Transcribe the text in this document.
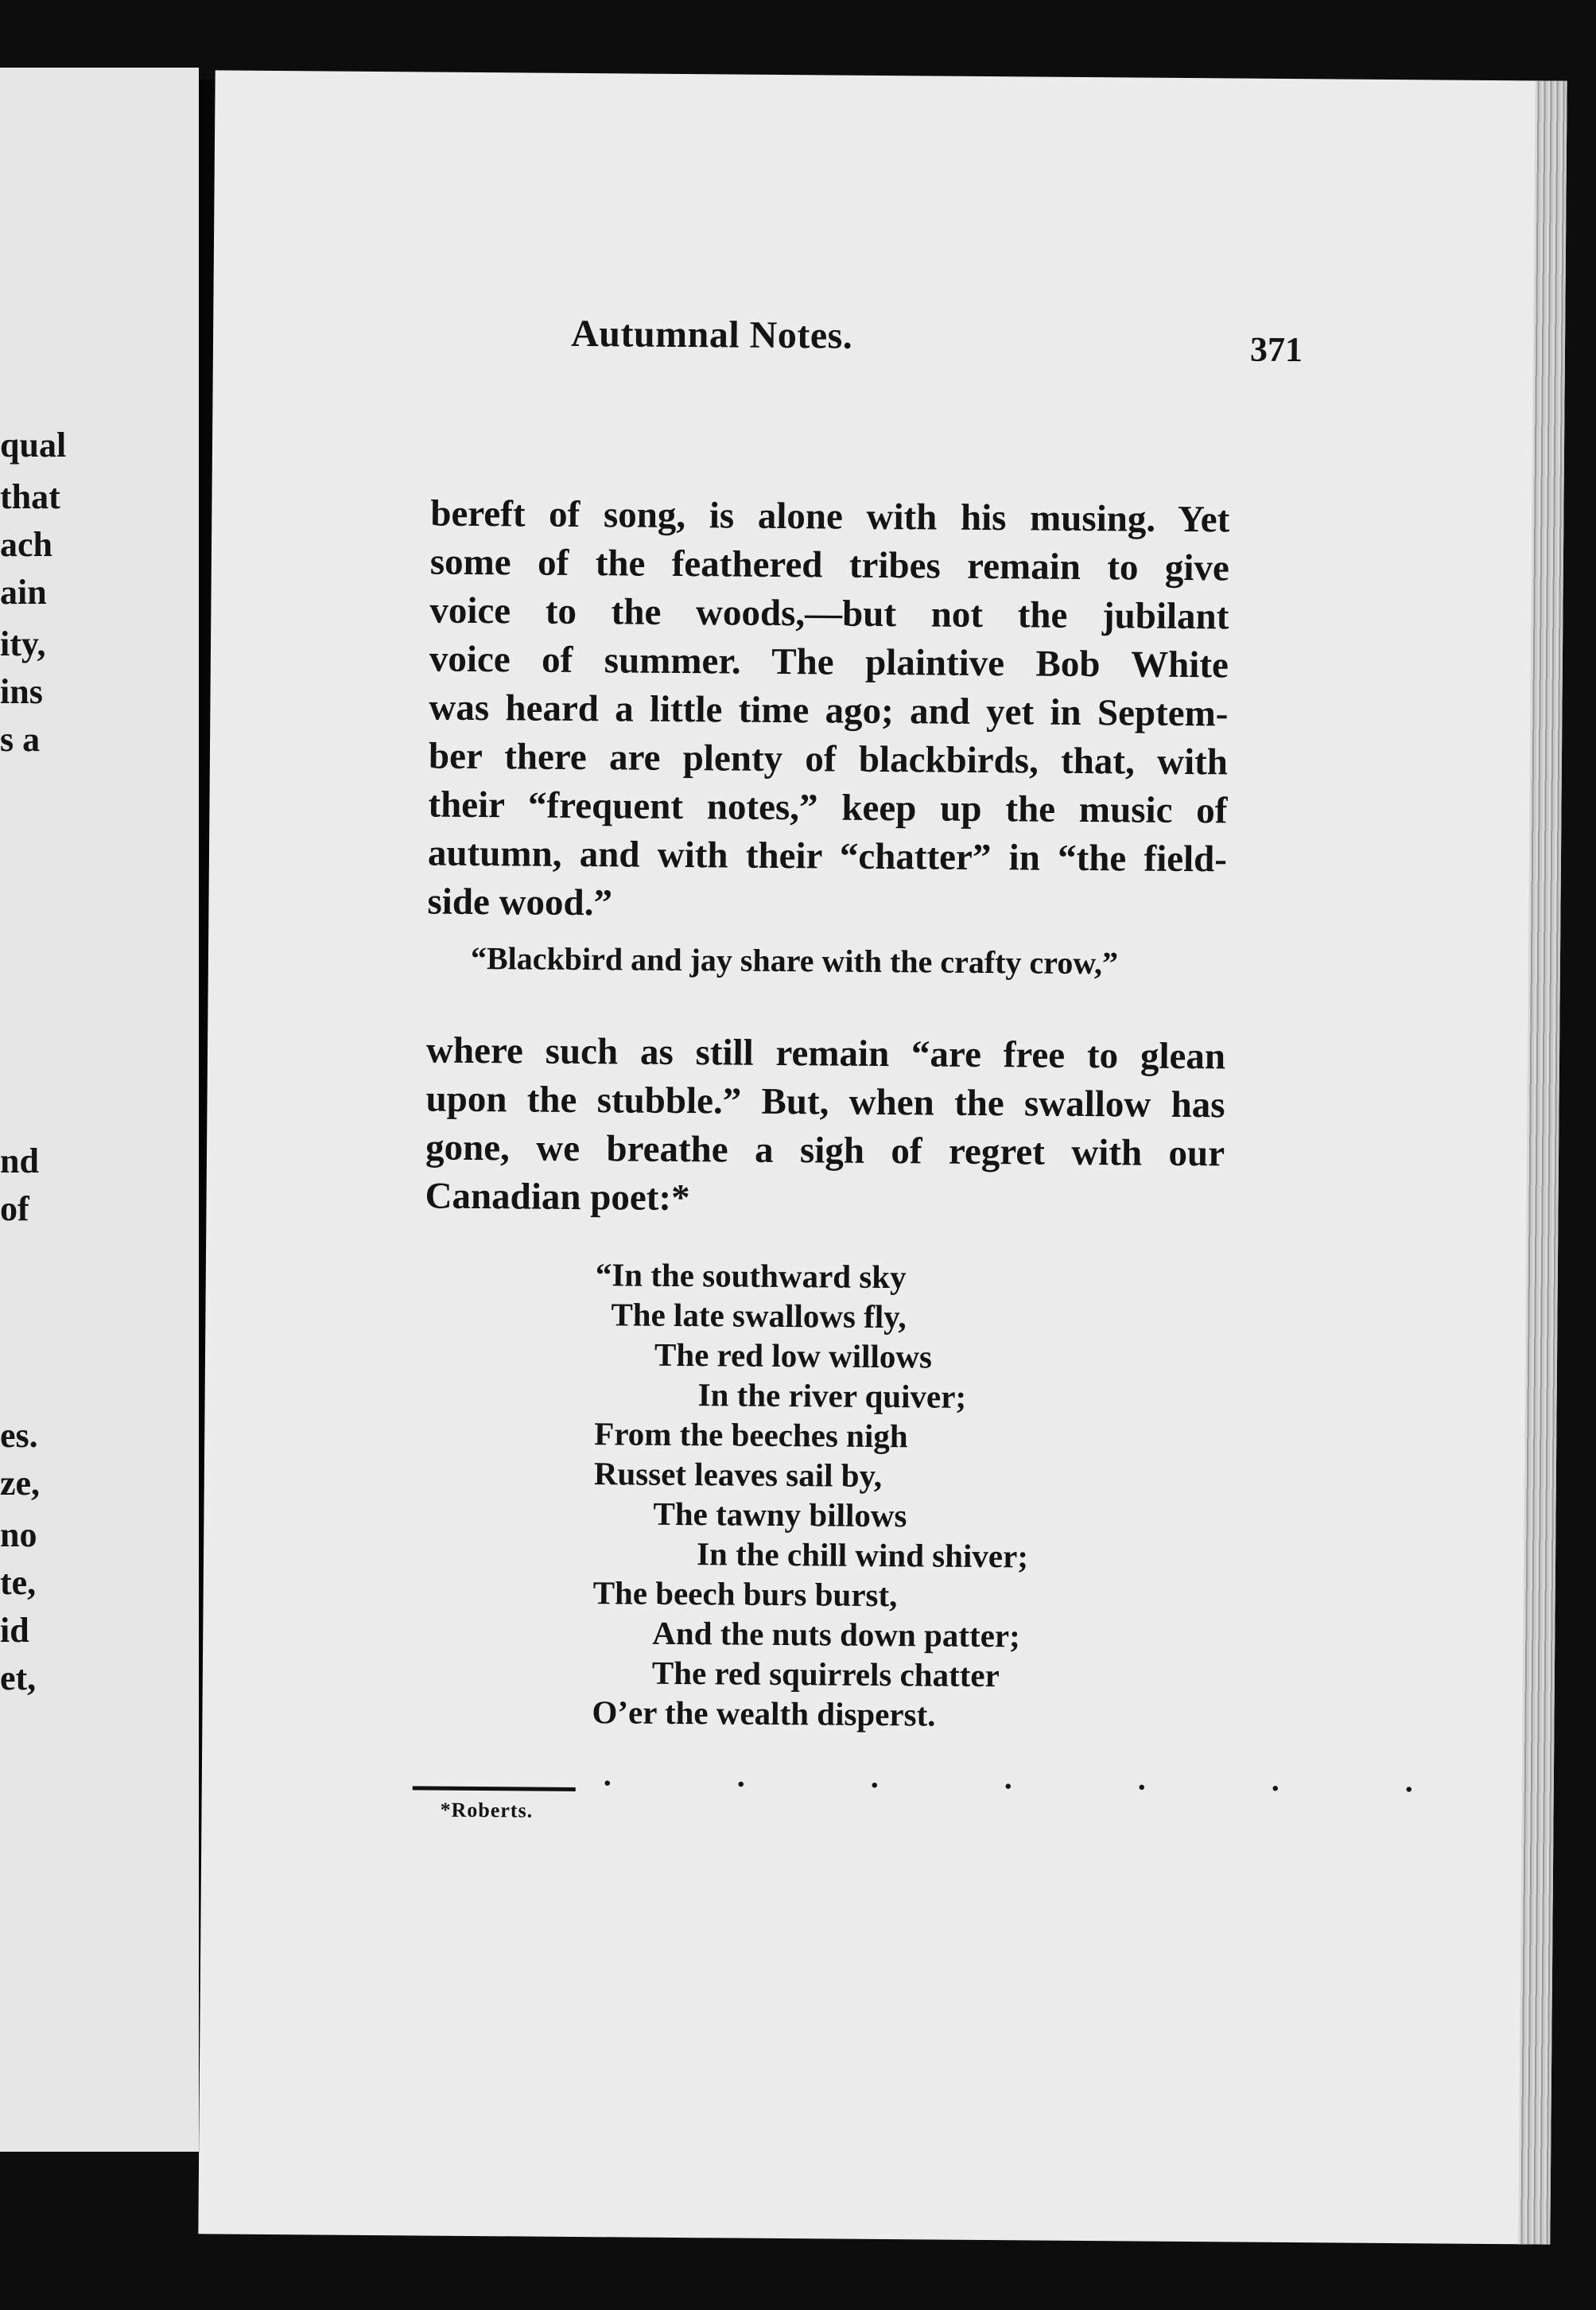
qual
that
ach
ain
ity,
ins
s a
nd
of
es.
ze,
no
te,
id
et,
Autumnal Notes.	371
bereft of song, is alone with his musing. Yet
some of the feathered tribes remain to give
voice to the woods,—but not the jubilant
voice of summer. The plaintive Bob White
was heard a little time ago; and yet in Septem-
ber there are plenty of blackbirds, that, with
their “frequent notes,” keep up the music of
autumn, and with their “chatter” in “the field-
side wood.”
“Blackbird and jay share with the crafty crow,”
where such as still remain “are free to glean
upon the stubble.” But, when the swallow has
gone, we breathe a sigh of regret with our
Canadian poet:*
“In the southward sky
The late swallows fly,
The red low willows
In the river quiver;
From the beeches nigh
Russet leaves sail by,
The tawny billows
In the chill wind shiver;
The beech burs burst,
And the nuts down patter;
The red squirrels chatter
O’er the wealth disperst.
. . . . . . .
*Roberts.
